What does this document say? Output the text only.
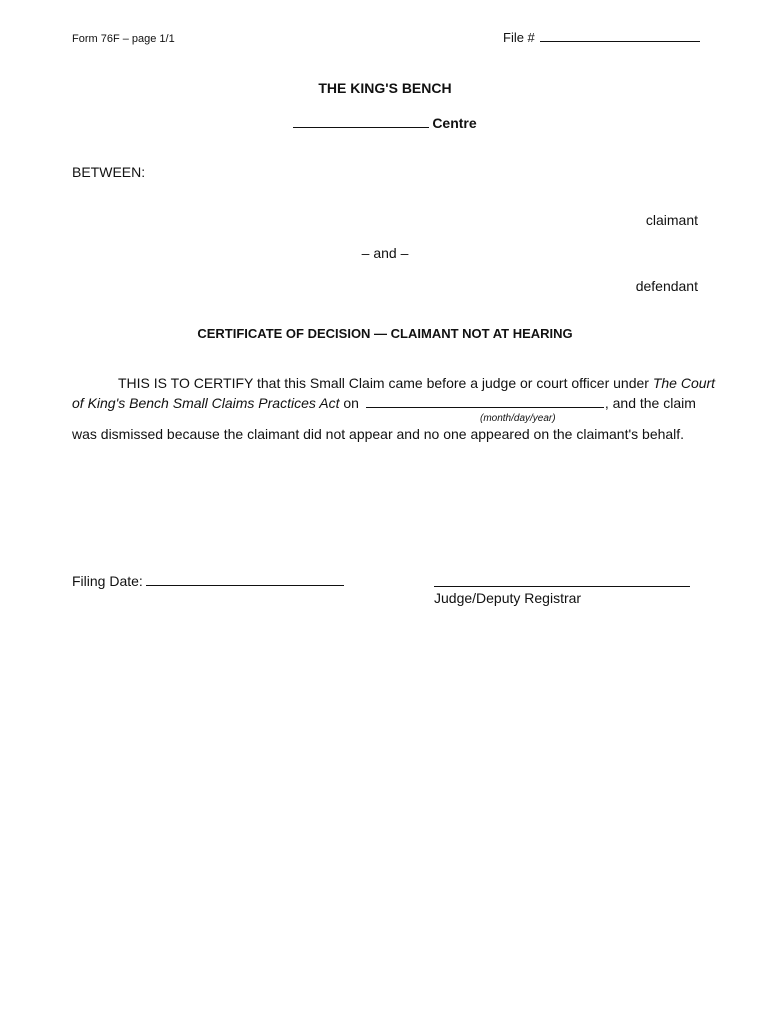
Form 76F – page 1/1	File #
THE KING'S BENCH
Centre
BETWEEN:
claimant
– and –
defendant
CERTIFICATE OF DECISION — CLAIMANT NOT AT HEARING
THIS IS TO CERTIFY that this Small Claim came before a judge or court officer under The Court
of King's Bench Small Claims Practices Act on	, and the claim
(month/day/year)
was dismissed because the claimant did not appear and no one appeared on the claimant's behalf.
Filing Date:
Judge/Deputy Registrar
